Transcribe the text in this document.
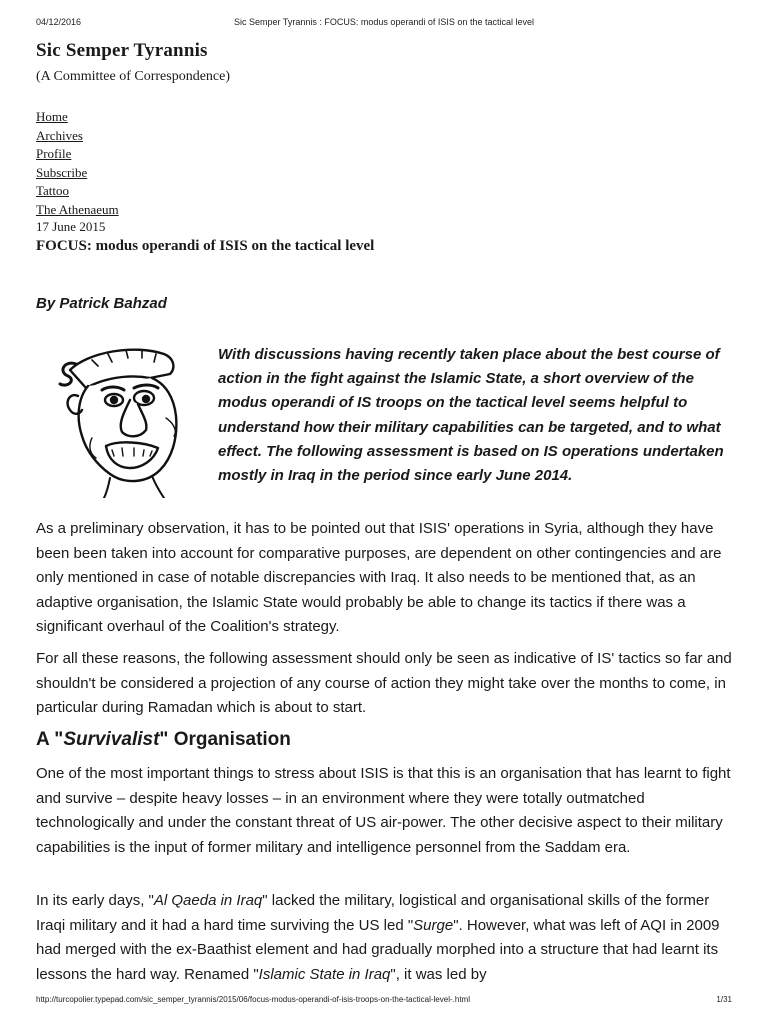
04/12/2016	Sic Semper Tyrannis : FOCUS: modus operandi of ISIS on the tactical level
Sic Semper Tyrannis
(A Committee of Correspondence)
Home
Archives
Profile
Subscribe
Tattoo
The Athenaeum
17 June 2015
FOCUS: modus operandi of ISIS on the tactical level
By Patrick Bahzad
With discussions having recently taken place about the best course of action in the fight against the Islamic State, a short overview of the modus operandi of IS troops on the tactical level seems helpful to understand how their military capabilities can be targeted, and to what effect. The following assessment is based on IS operations undertaken mostly in Iraq in the period since early June 2014.

As a preliminary observation, it has to be pointed out that ISIS' operations in Syria, although they have been been taken into account for comparative purposes, are dependent on other contingencies and are only mentioned in case of notable discrepancies with Iraq. It also needs to be mentioned that, as an adaptive organisation, the Islamic State would probably be able to change its tactics if there was a significant overhaul of the Coalition's strategy.

For all these reasons, the following assessment should only be seen as indicative of IS' tactics so far and shouldn't be considered a projection of any course of action they might take over the months to come, in particular during Ramadan which is about to start.

A "Survivalist" Organisation

One of the most important things to stress about ISIS is that this is an organisation that has learnt to fight and survive – despite heavy losses – in an environment where they were totally outmatched technologically and under the constant threat of US air-power. The other decisive aspect to their military capabilities is the input of former military and intelligence personnel from the Saddam era.

In its early days, "Al Qaeda in Iraq" lacked the military, logistical and organisational skills of the former Iraqi military and it had a hard time surviving the US led "Surge". However, what was left of AQI in 2009 had merged with the ex-Baathist element and had gradually morphed into a structure that had learnt its lessons the hard way. Renamed "Islamic State in Iraq", it was led by

http://turcopolier.typepad.com/sic_semper_tyrannis/2015/06/focus-modus-operandi-of-isis-troops-on-the-tactical-level-.html	1/31
